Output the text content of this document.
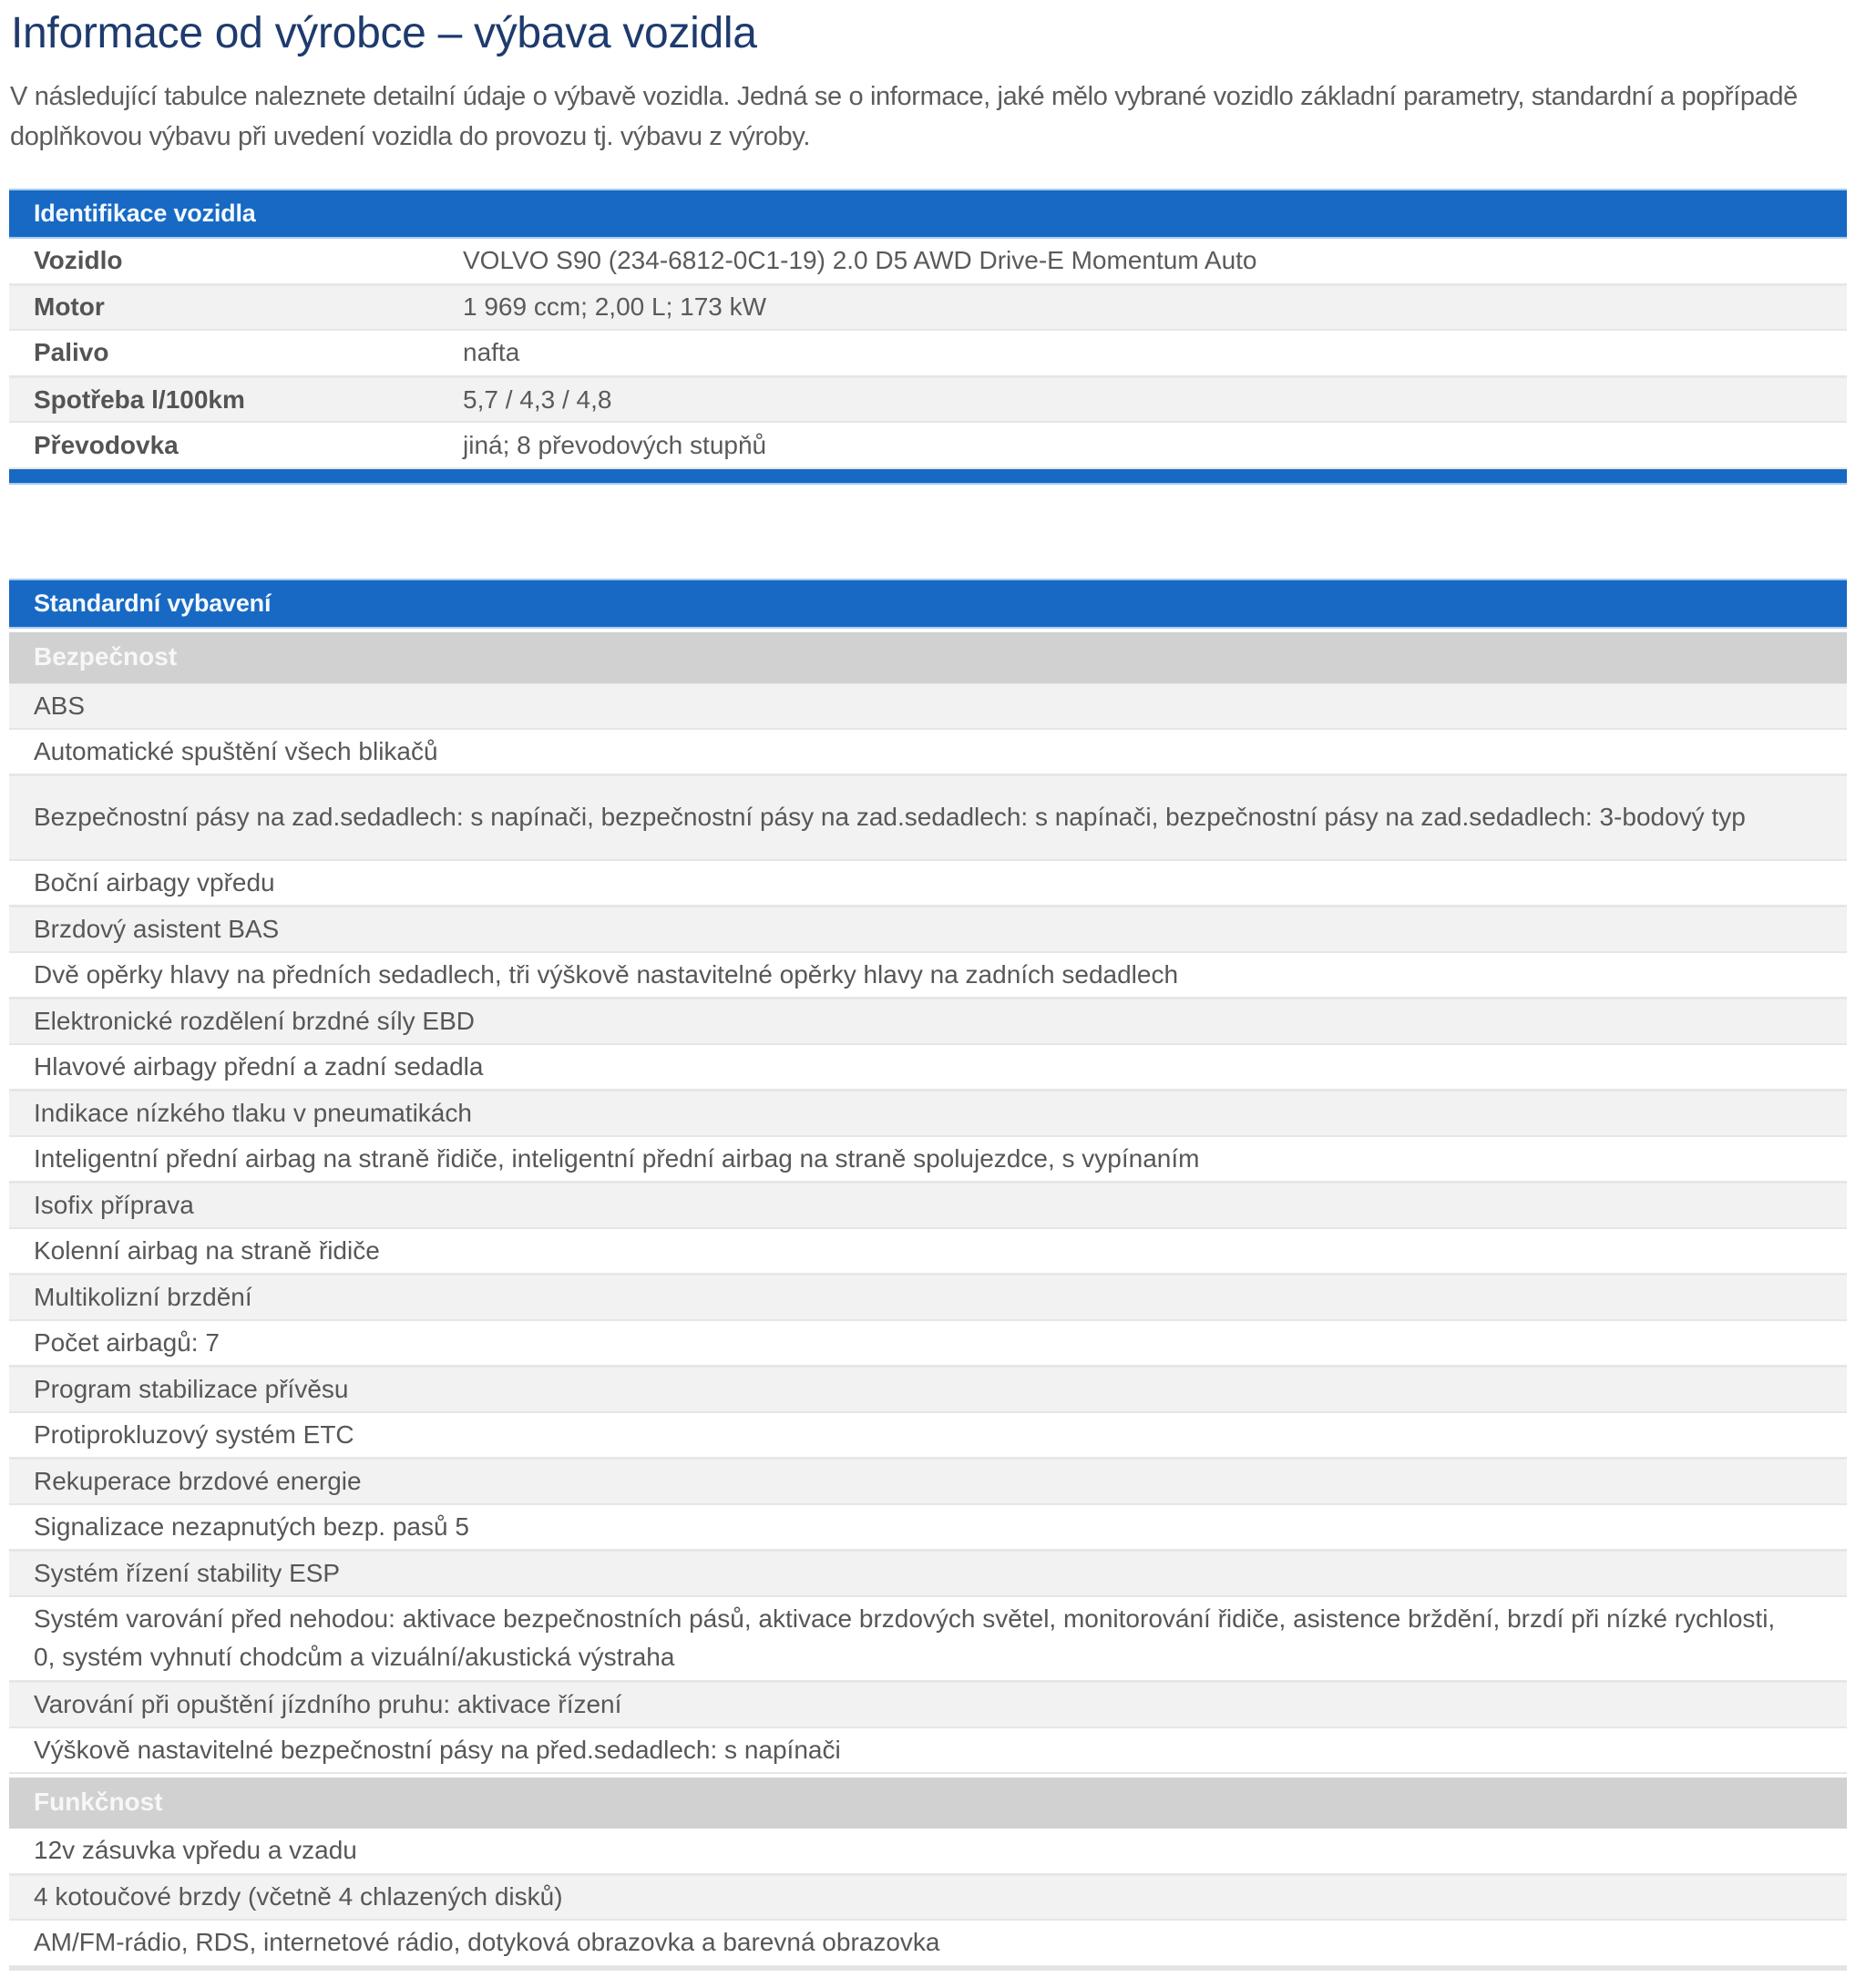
Informace od výrobce – výbava vozidla

V následující tabulce naleznete detailní údaje o výbavě vozidla. Jedná se o informace, jaké mělo vybrané vozidlo základní parametry, standardní a popřípadě doplňkovou výbavu při uvedení vozidla do provozu tj. výbavu z výroby.

Identifikace vozidla
Vozidlo	VOLVO S90 (234-6812-0C1-19) 2.0 D5 AWD Drive-E Momentum Auto
Motor	1 969 ccm; 2,00 L; 173 kW
Palivo	nafta
Spotřeba l/100km	5,7 / 4,3 / 4,8
Převodovka	jiná; 8 převodových stupňů
Standardní vybavení
Bezpečnost
ABS
Automatické spuštění všech blikačů
Bezpečnostní pásy na zad.sedadlech: s napínači, bezpečnostní pásy na zad.sedadlech: s napínači, bezpečnostní pásy na zad.sedadlech: 3-bodový typ
Boční airbagy vpředu
Brzdový asistent BAS
Dvě opěrky hlavy na předních sedadlech, tři výškově nastavitelné opěrky hlavy na zadních sedadlech
Elektronické rozdělení brzdné síly EBD
Hlavové airbagy přední a zadní sedadla
Indikace nízkého tlaku v pneumatikách
Inteligentní přední airbag na straně řidiče, inteligentní přední airbag na straně spolujezdce, s vypínaním
Isofix příprava
Kolenní airbag na straně řidiče
Multikolizní brzdění
Počet airbagů: 7
Program stabilizace přívěsu
Protiprokluzový systém ETC
Rekuperace brzdové energie
Signalizace nezapnutých bezp. pasů 5
Systém řízení stability ESP
Systém varování před nehodou: aktivace bezpečnostních pásů, aktivace brzdových světel, monitorování řidiče, asistence brždění, brzdí při nízké rychlosti, 0, systém vyhnutí chodcům a vizuální/akustická výstraha
Varování při opuštění jízdního pruhu: aktivace řízení
Výškově nastavitelné bezpečnostní pásy na před.sedadlech: s napínači
Funkčnost
12v zásuvka vpředu a vzadu
4 kotoučové brzdy (včetně 4 chlazených disků)
AM/FM-rádio, RDS, internetové rádio, dotyková obrazovka a barevná obrazovka
